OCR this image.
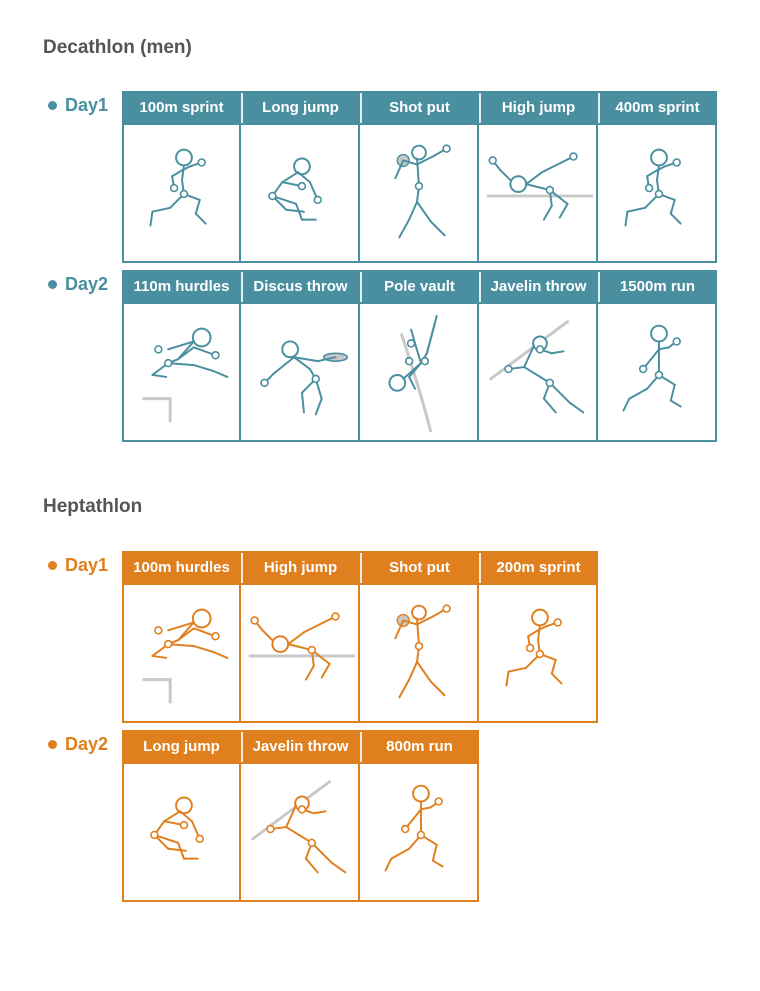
Decathlon (men)
Day1	100m sprint	Long jump	Shot put	High jump	400m sprint
Day2	110m hurdles	Discus throw	Pole vault	Javelin throw	1500m run
Heptathlon
Day1	100m hurdles	High jump	Shot put	200m sprint
Day2	Long jump	Javelin throw	800m run
